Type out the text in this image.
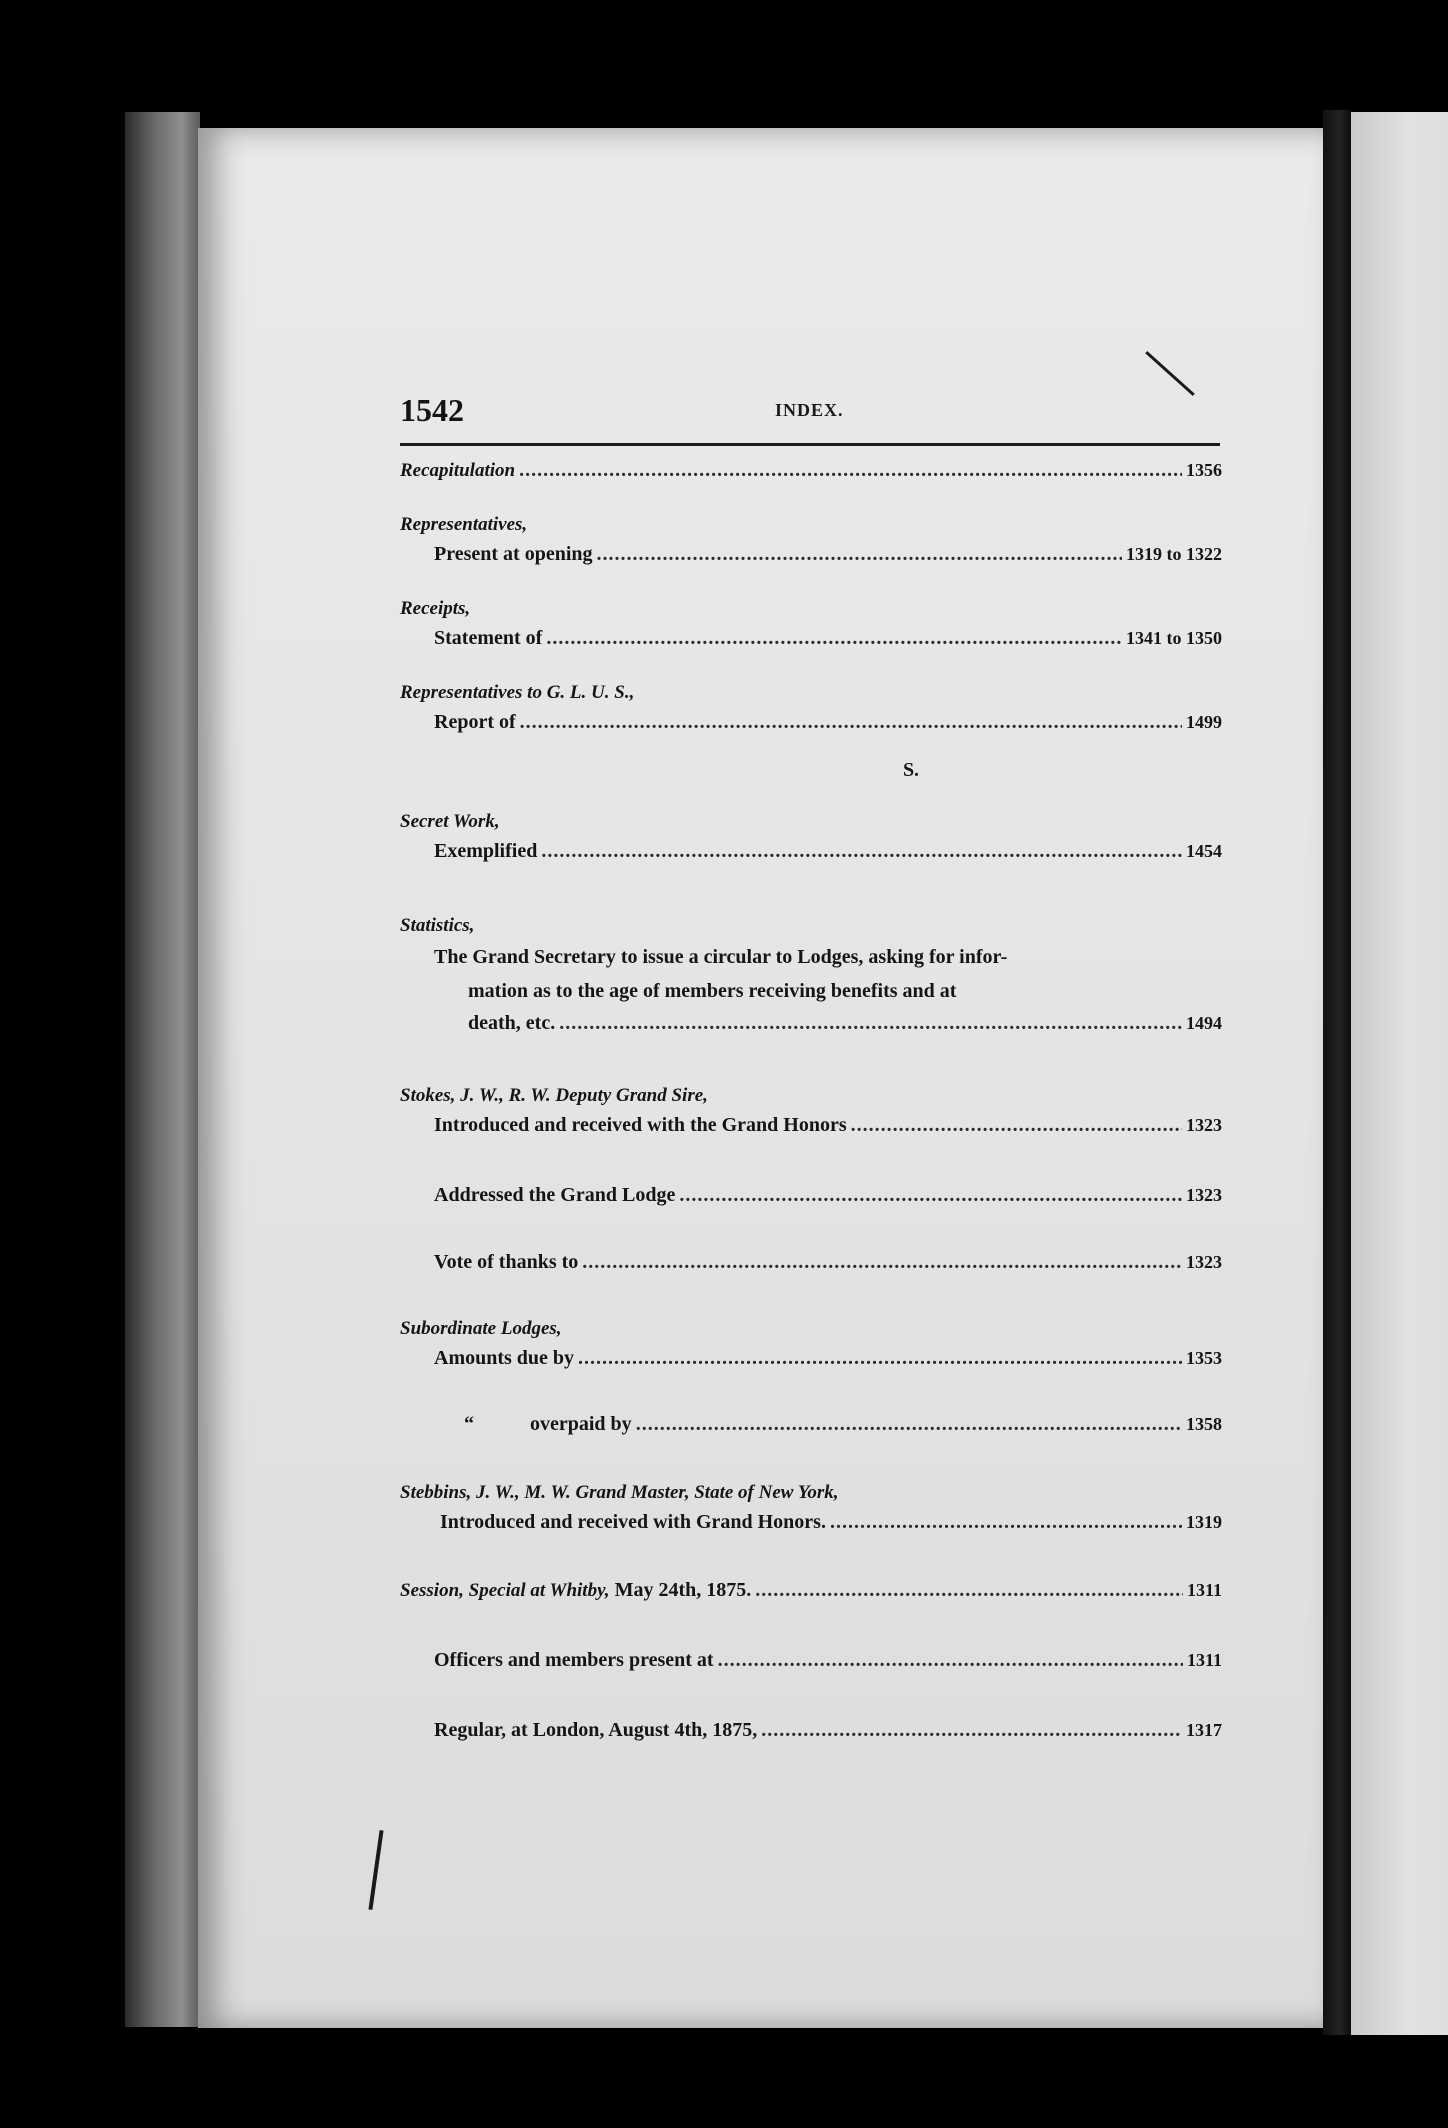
1542	INDEX.
Recapitulation .....	1356

Representatives,

Present at opening .....	1319 to 1322

Receipts,

Statement of .....	1341 to 1350

Representatives to G. L. U. S.,

Report of .....	1499

S.

Secret Work,

Exemplified .....	1454

Statistics,

The Grand Secretary to issue a circular to Lodges, asking for infor-
mation as to the age of members receiving benefits and at
death, etc. .....	1494

Stokes, J. W., R. W. Deputy Grand Sire,

Introduced and received with the Grand Honors .....	1323
Addressed the Grand Lodge .....	1323
Vote of thanks to .....	1323

Subordinate Lodges,

Amounts due by .....	1353
“	overpaid by .....	1358

Stebbins, J. W., M. W. Grand Master, State of New York,

Introduced and received with Grand Honors. .....	1319
Session, Special at Whitby, May 24th, 1875. .....	1311
Officers and members present at .....	1311
Regular, at London, August 4th, 1875, .....	1317
